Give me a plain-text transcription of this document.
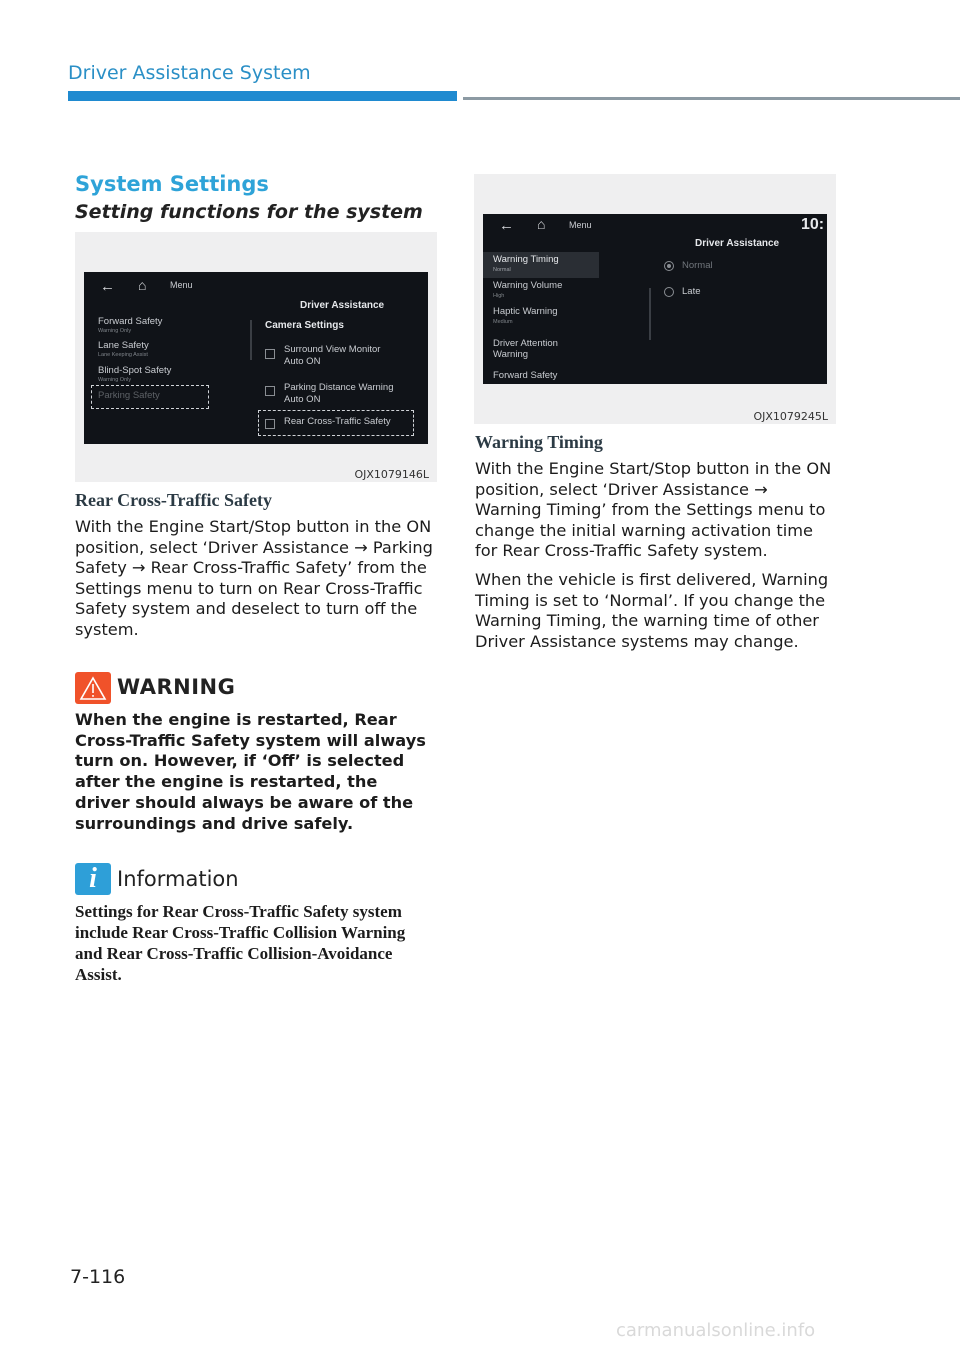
Driver Assistance System
System Settings
Setting functions for the system
← ⌂	Menu
Driver Assistance
Forward Safety
Warning Only
Lane Safety
Lane Keeping Assist
Blind-Spot Safety
Warning Only
Parking Safety
Camera Settings
Surround View Monitor
Auto ON
Parking Distance Warning
Auto ON
Rear Cross-Traffic Safety
OJX1079146L
Rear Cross-Traffic Safety
With the Engine Start/Stop button in the ON position, select ‘Driver Assistance → Parking Safety → Rear Cross-Traffic Safety’ from the Settings menu to turn on Rear Cross-Traffic Safety system and deselect to turn off the system.
WARNING
When the engine is restarted, Rear Cross-Traffic Safety system will always turn on. However, if ‘Off’ is selected after the engine is restarted, the driver should always be aware of the surroundings and drive safely.
i Information
Settings for Rear Cross-Traffic Safety system include Rear Cross-Traffic Collision Warning and Rear Cross-Traffic Collision-Avoidance Assist.
← ⌂	Menu	10:
Driver Assistance
Warning Timing
Normal
Warning Volume
High
Haptic Warning
Medium
Driver Attention
Warning
Forward Safety
Normal
Late
OJX1079245L
Warning Timing
With the Engine Start/Stop button in the ON position, select ‘Driver Assistance → Warning Timing’ from the Settings menu to change the initial warning activation time for Rear Cross-Traffic Safety system.
When the vehicle is first delivered, Warning Timing is set to ‘Normal’. If you change the Warning Timing, the warning time of other Driver Assistance systems may change.
7-116
carmanualsonline.info
